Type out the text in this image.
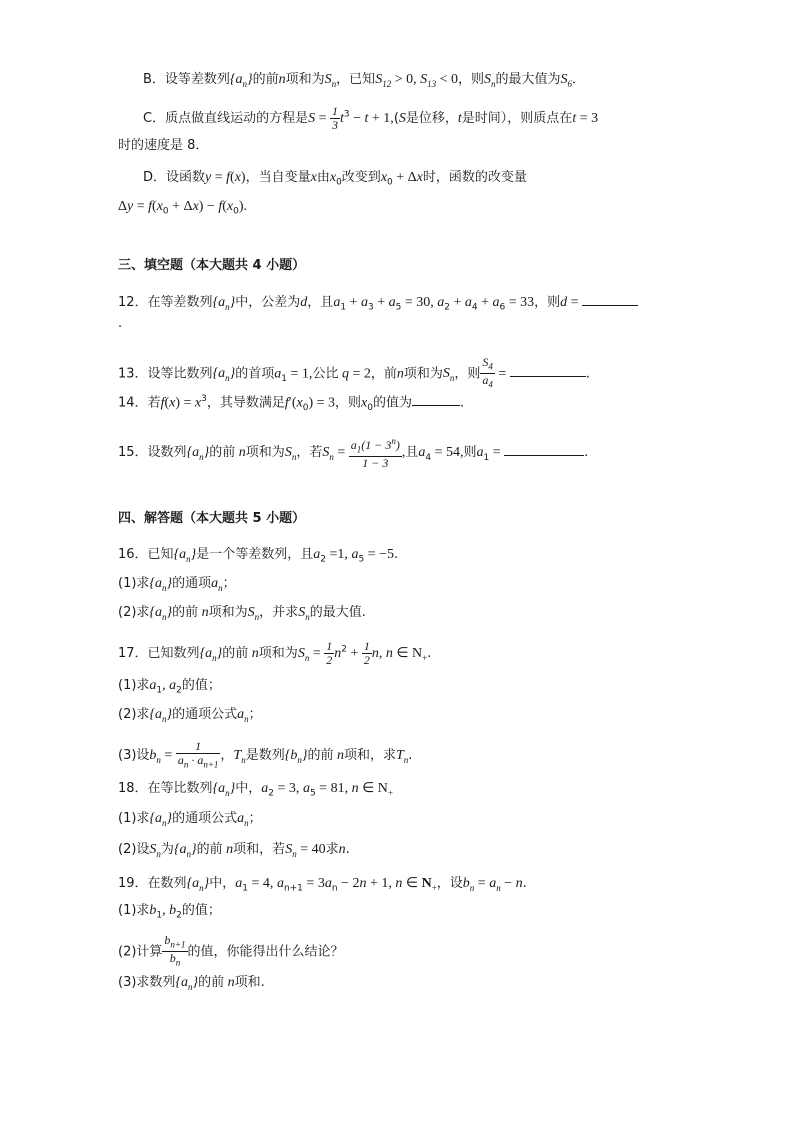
B．设等差数列$\{a_n\}$的前n项和为$S_n$，已知$S_{12} > 0$, $S_{13} < 0$，则$S_n$的最大值为$S_6$．
C．质点做直线运动的方程是$S = \frac{1}{3} t^3 - t + 1,(S$是位移，t是时间），则质点在t = 3
时的速度是 8．
D．设函数y = f(x)，当自变量x由$x_0$改变到$x_0 + \Delta x$时，函数的改变量
$\Delta y = f(x_0 + \Delta x) - f(x_0)$.
三、填空题（本大题共 4 小题）
12．在等差数列$\{a_n\}$中，公差为d，且$a_1 + a_3 + a_5 = 30$, $a_2 + a_4 + a_6 = 33$，则d =
.
13．设等比数列$\{a_n\}$的首项$a_1 = 1$,公比 q = 2，前n项和为$S_n$，则 $\frac{S_4}{a_4}$ =	.
14．若$f(x) = x^3$，其导数满足$f'(x_0) = 3$，则$x_0$的值为	.
15．设数列$\{a_n\}$的前 n项和为$S_n$，若$S_n = \frac{a_1(1 - 3^n)}{1 - 3}$ ,且$a_4 = 54$,则$a_1$ =	.
四、解答题（本大题共 5 小题）
16．已知$\{a_n\}$是一个等差数列，且$a_2 =1$, $a_5 = -5$.
(1)求$\{a_n\}$的通项$a_n$；
(2)求$\{a_n\}$的前 n项和为$S_n$，并求$S_n$的最大值.
17．已知数列$\{a_n\}$的前 n项和为$S_n = \frac{1}{2} n^2 + \frac{1}{2} n$, n ∈ $N_+$.
(1)求$a_1$, $a_2$的值；
(2)求$\{a_n\}$的通项公式$a_n$；
(3)设$b_n = \frac{1}{a_n \cdot a_{n+1}}$ ，$T_n$是数列$\{b_n\}$的前 n项和，求$T_n$.
18．在等比数列$\{a_n\}$中，$a_2 = 3$, $a_5 = 81$, n ∈ $N_+$
(1)求$\{a_n\}$的通项公式$a_n$；
(2)设$S_n$为$\{a_n\}$的前 n项和，若$S_n = 40$求n.
19．在数列$\{a_n\}$中，$a_1 = 4$, $a_{n+1} = 3a_n - 2n + 1$, n ∈ $N_+$，设$b_n = a_n - n$.
(1)求$b_1$, $b_2$的值；
(2)计算 $\frac{b_{n+1}}{b_n}$ 的值，你能得出什么结论？
(3)求数列$\{a_n\}$的前 n项和.
